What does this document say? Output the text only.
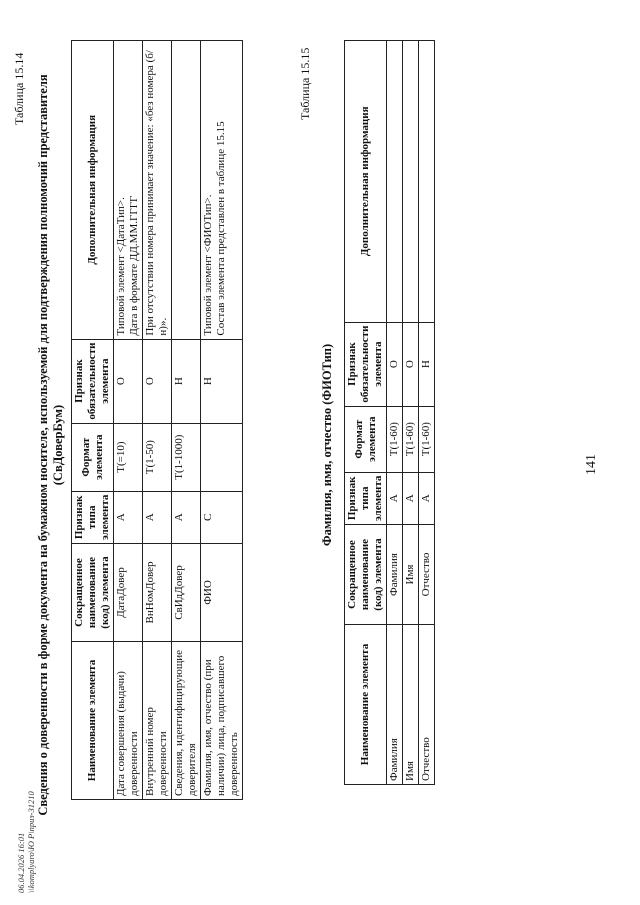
141
Таблица 15.14 Сведения о доверенности в форме документа на бумажном носителе, используемой для подтверждения полномочий представителя (СвДоверБум)
Наименование элемента	Сокращенное наименование (код) элемента	Признак типа элемента	Формат элемента	Признак обязательности элемента	Дополнительная информация
Дата совершения (выдачи) доверенности	ДатаДовер	А	T(=10)	О	Типовой элемент <ДатаТип>.
Дата в формате ДД.ММ.ГГГГ
Внутренний номер доверенности	ВнНомДовер	А	T(1-50)	О	При отсутствии номера принимает значение: «без номера (б/н)».
Сведения, идентифицирующие доверителя	СвИдДовер	А	T(1-1000)	Н	
Фамилия, имя, отчество (при наличии) лица, подписавшего доверенность	ФИО	С		Н	Типовой элемент <ФИОТип>.
Состав элемента представлен в таблице 15.15
Таблица 15.15
Фамилия, имя, отчество (ФИОТип)
Наименование элемента	Сокращенное наименование (код) элемента	Признак типа элемента	Формат элемента	Признак обязательности элемента	Дополнительная информация
Фамилия	Фамилия	А	T(1-60)	О	
Имя	Имя	А	T(1-60)	О	
Отчество	Отчество	А	T(1-60)	Н	
06.04.2026 16:01 \\komplyaro\Ю Р\приз-31210
